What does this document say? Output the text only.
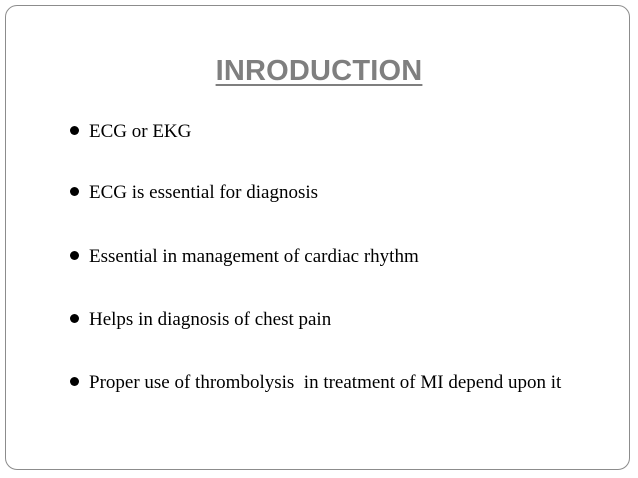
INRODUCTION
ECG or EKG
ECG is essential for diagnosis
Essential in management of cardiac rhythm
Helps in diagnosis of chest pain
Proper use of thrombolysis  in treatment of MI depend upon it
